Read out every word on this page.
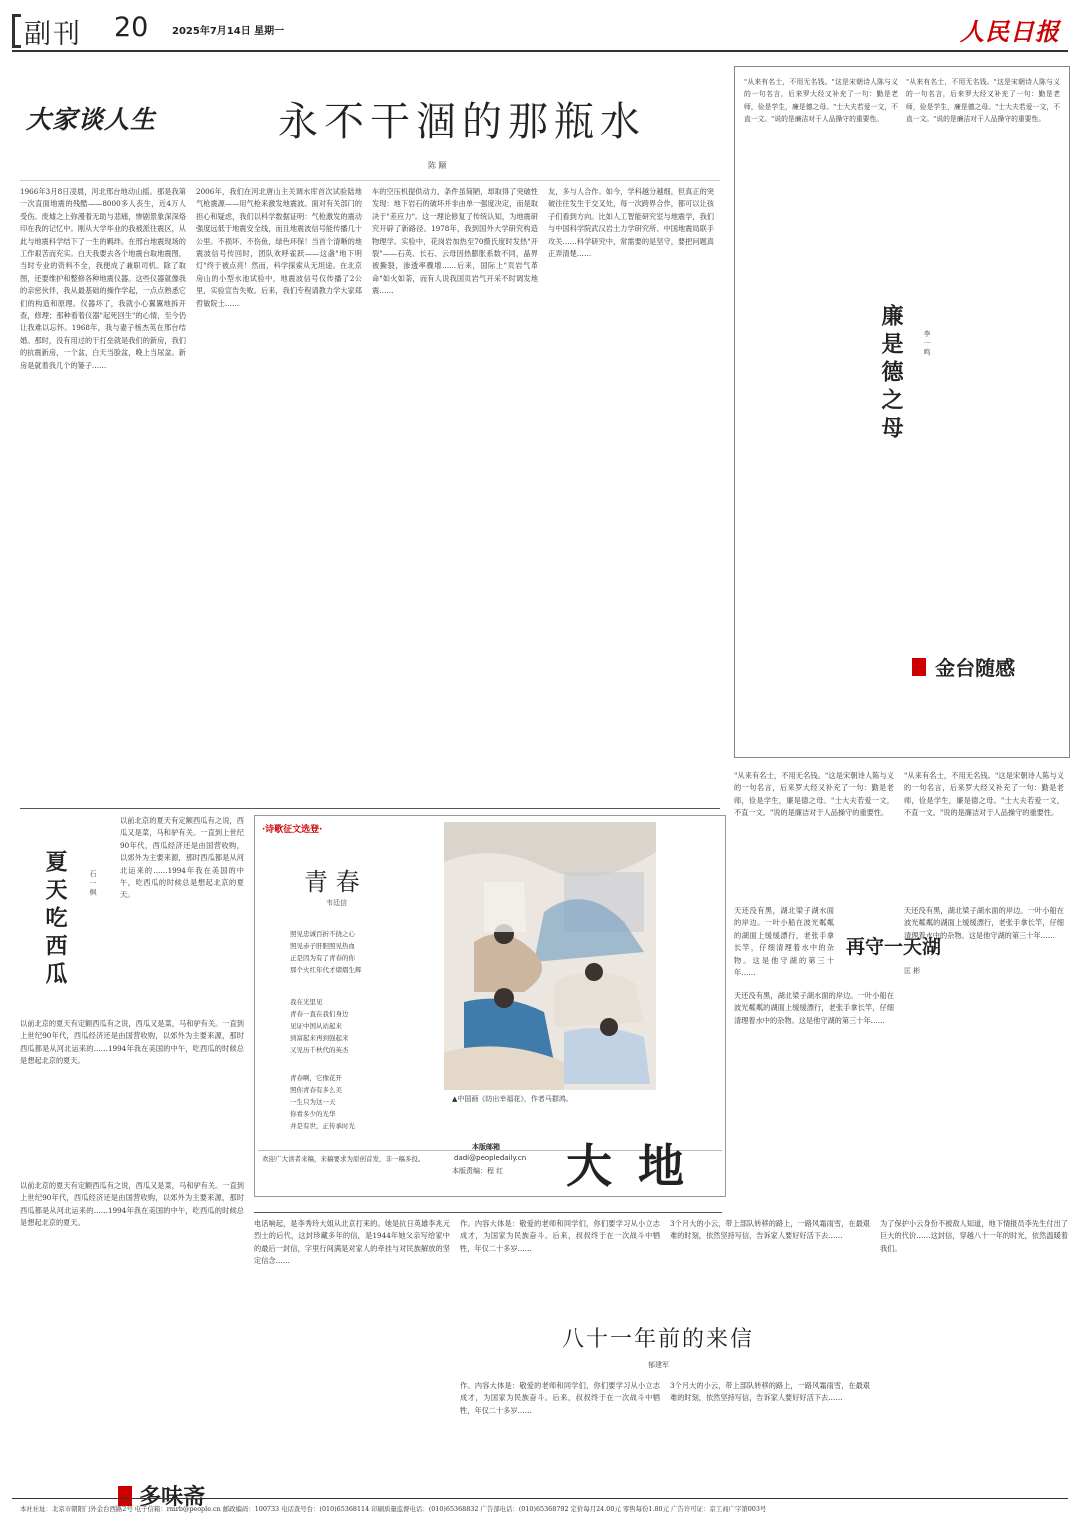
副刊 20 2025年7月14日 星期一	人民日报
大家谈人生	永不干涸的那瓶水
陈 颙
1966年3月8日凌晨，河北邢台地动山摇。那是我第一次直面地震的残酷——8000多人丧生，近4万人受伤。废墟之上弥漫着无助与悲痛，惨剧景象深深烙印在我的记忆中。刚从大学毕业的我被派往震区，从此与地震科学结下了一生的羁绊。在邢台地震现场的工作艰苦而充实。白天我要去各个地震台取地震图，当时专业的资料不全，我便成了兼职司机。除了取图，还要维护和整修各种地震仪器。这些仪器就像我的亲密伙伴，我从最基础的操作学起，一点点熟悉它们的构造和原理。仪器坏了，我就小心翼翼地拆开查，修理；那种看着仪器"起死回生"的心情，至今仍让我难以忘怀。1968年，我与妻子杨杰英在邢台结婚。那时，没有用过的干打垒就是我们的新房，我们的抗震新房，一个盆，白天当脸盆，晚上当尿盆。新房是就着我几个的篓子……
2006年，我们在河北唐山主关调水库首次试验陆地气枪震源——用气枪来激发地震波。面对有关部门的担心和疑虑，我们以科学数据证明：气枪激发的震动强度远低于地震安全线，而且地震波信号能传播几十公里。不损坏、不伤鱼，绿色环保！当首个清晰的地震波信号传回时，团队欢呼雀跃——这盏"地下明灯"终于被点亮！然而，科学探索从无坦途。在北京房山的小型水池试验中，地震波信号仅传播了2公里，实验宣告失败。后来，我们专程请教力学大家郑哲敏院士……
车的空压机提供动力，条件虽简陋，却取得了突破性发现：地下岩石的破坏并非由单一强度决定，而是取决于"差应力"。这一理论修复了传统认知，为地震研究开辟了新路径。1978年，我到国外大学研究构造物理学。实验中，花岗岩加热至70摄氏度时发热"开裂"——石英、长石、云母因热膨胀系数不同，晶界被撕裂，渗透率骤增……后来，国际上"页岩气革命"如火如荼，而有人说我国页岩气开采不时调发地震……
友，多与人合作。如今，学科越分越细，但真正的突破往往发生于交叉处，每一次跨界合作，都可以让孩子们看到方向。比如人工智能研究室与地震学，我们与中国科学院武汉岩土力学研究所、中国地震局联手攻关……科学研究中，常需要的是坚守，要把问题真正弄清楚……
"从来有名士，不用无名钱。"这是宋朝诗人陈与义的一句名言，后来罗大经又补充了一句：勤是老师，俭是学生，廉是德之母。"士大夫若爱一文，不直一文。"说的是廉洁对于人品操守的重要性。
廉是德之母	李 一 鸣
"从来有名士，不用无名钱。"这是宋朝诗人陈与义的一句名言，后来罗大经又补充了一句：勤是老师，俭是学生，廉是德之母。"士大夫若爱一文，不直一文。"说的是廉洁对于人品操守的重要性。
金台随感
夏天吃西瓜	石 一 枫
以前北京的夏天有定额西瓜有之说，西瓜又是菜，马和驴有关。一直到上世纪90年代，西瓜经济还是由国营收购，以郊外为主要来源，那时西瓜都是从河北运来的……1994年我在美国的中午，吃西瓜的时候总是想起北京的夏天。
以前北京的夏天有定额西瓜有之说，西瓜又是菜，马和驴有关。一直到上世纪90年代，西瓜经济还是由国营收购，以郊外为主要来源，那时西瓜都是从河北运来的……1994年我在美国的中午，吃西瓜的时候总是想起北京的夏天。
以前北京的夏天有定额西瓜有之说，西瓜又是菜，马和驴有关。一直到上世纪90年代，西瓜经济还是由国营收购，以郊外为主要来源，那时西瓜都是从河北运来的……1994年我在美国的中午，吃西瓜的时候总是想起北京的夏天。
多味斋
·诗歌征文选登·
青 春
韦廷信
照见忠诚百折不挠之心
照见赤子肝胆照见热血
正是因为有了青春的你
那个火红年代才熠熠生辉
我在光里见
青春一直在我们身边
见证中国从站起来
到富起来再到强起来
又见历千秋代的英杰
青春啊，它像花开
照你青春有多么美
一生只为这一天
你看多少的光华
并是有世，正传承时光
▲中国画《纺出幸福花》，作者马群鸿。
欢迎广大读者来稿，来稿要求为原创首发，非一稿多投。
本版邮箱
dadi@peopledaily.cn
本版责编：程 红 大地
"从来有名士，不用无名钱。"这是宋朝诗人陈与义的一句名言，后来罗大经又补充了一句：勤是老师，俭是学生，廉是德之母。"士大夫若爱一文，不直一文。"说的是廉洁对于人品操守的重要性。
"从来有名士，不用无名钱。"这是宋朝诗人陈与义的一句名言，后来罗大经又补充了一句：勤是老师，俭是学生，廉是德之母。"士大夫若爱一文，不直一文。"说的是廉洁对于人品操守的重要性。
再守一天湖
匡 彬
天还没有黑，湖北梁子湖水面的岸边。一叶小船在波光粼粼的湖面上缓缓漂行，老张手拿长竿，仔细清理着水中的杂物。这是他守湖的第三十年……
天还没有黑，湖北梁子湖水面的岸边。一叶小船在波光粼粼的湖面上缓缓漂行，老张手拿长竿，仔细清理着水中的杂物。这是他守湖的第三十年……
天还没有黑，湖北梁子湖水面的岸边。一叶小船在波光粼粼的湖面上缓缓漂行，老张手拿长竿，仔细清理着水中的杂物。这是他守湖的第三十年……
电话响起，是李秀玲大姐从北京打来的。她是抗日英雄李兆元烈士的后代，这封珍藏多年的信，是1944年她父亲写给家中的最后一封信，字里行间满是对家人的牵挂与对民族解放的坚定信念……
作。内容大体是：敬爱的老师和同学们，你们要学习从小立志成才，为国家为民族奋斗。后来，叔叔终于在一次战斗中牺牲，年仅二十多岁……
作。内容大体是：敬爱的老师和同学们，你们要学习从小立志成才，为国家为民族奋斗。后来，叔叔终于在一次战斗中牺牲，年仅二十多岁……
3个月大的小云，带上部队转移的路上，一路风霜雨雪，在最艰难的时刻，依然坚持写信，告诉家人要好好活下去……
3个月大的小云，带上部队转移的路上，一路风霜雨雪，在最艰难的时刻，依然坚持写信，告诉家人要好好活下去……
为了保护小云身份不被敌人知道，地下情报员李先生付出了巨大的代价……这封信，穿越八十一年的时光，依然温暖着我们。
八十一年前的来信
郁建军
本社社址：北京市朝阳门外金台西路2号 电子信箱：rmrb@people.cn 邮政编码：100733 电话查号台：(010)65368114 印刷质量监督电话：(010)65368832 广告部电话：(010)65368792 定价每月24.00元 零售每份1.80元 广告许可证：京工商广字第003号
